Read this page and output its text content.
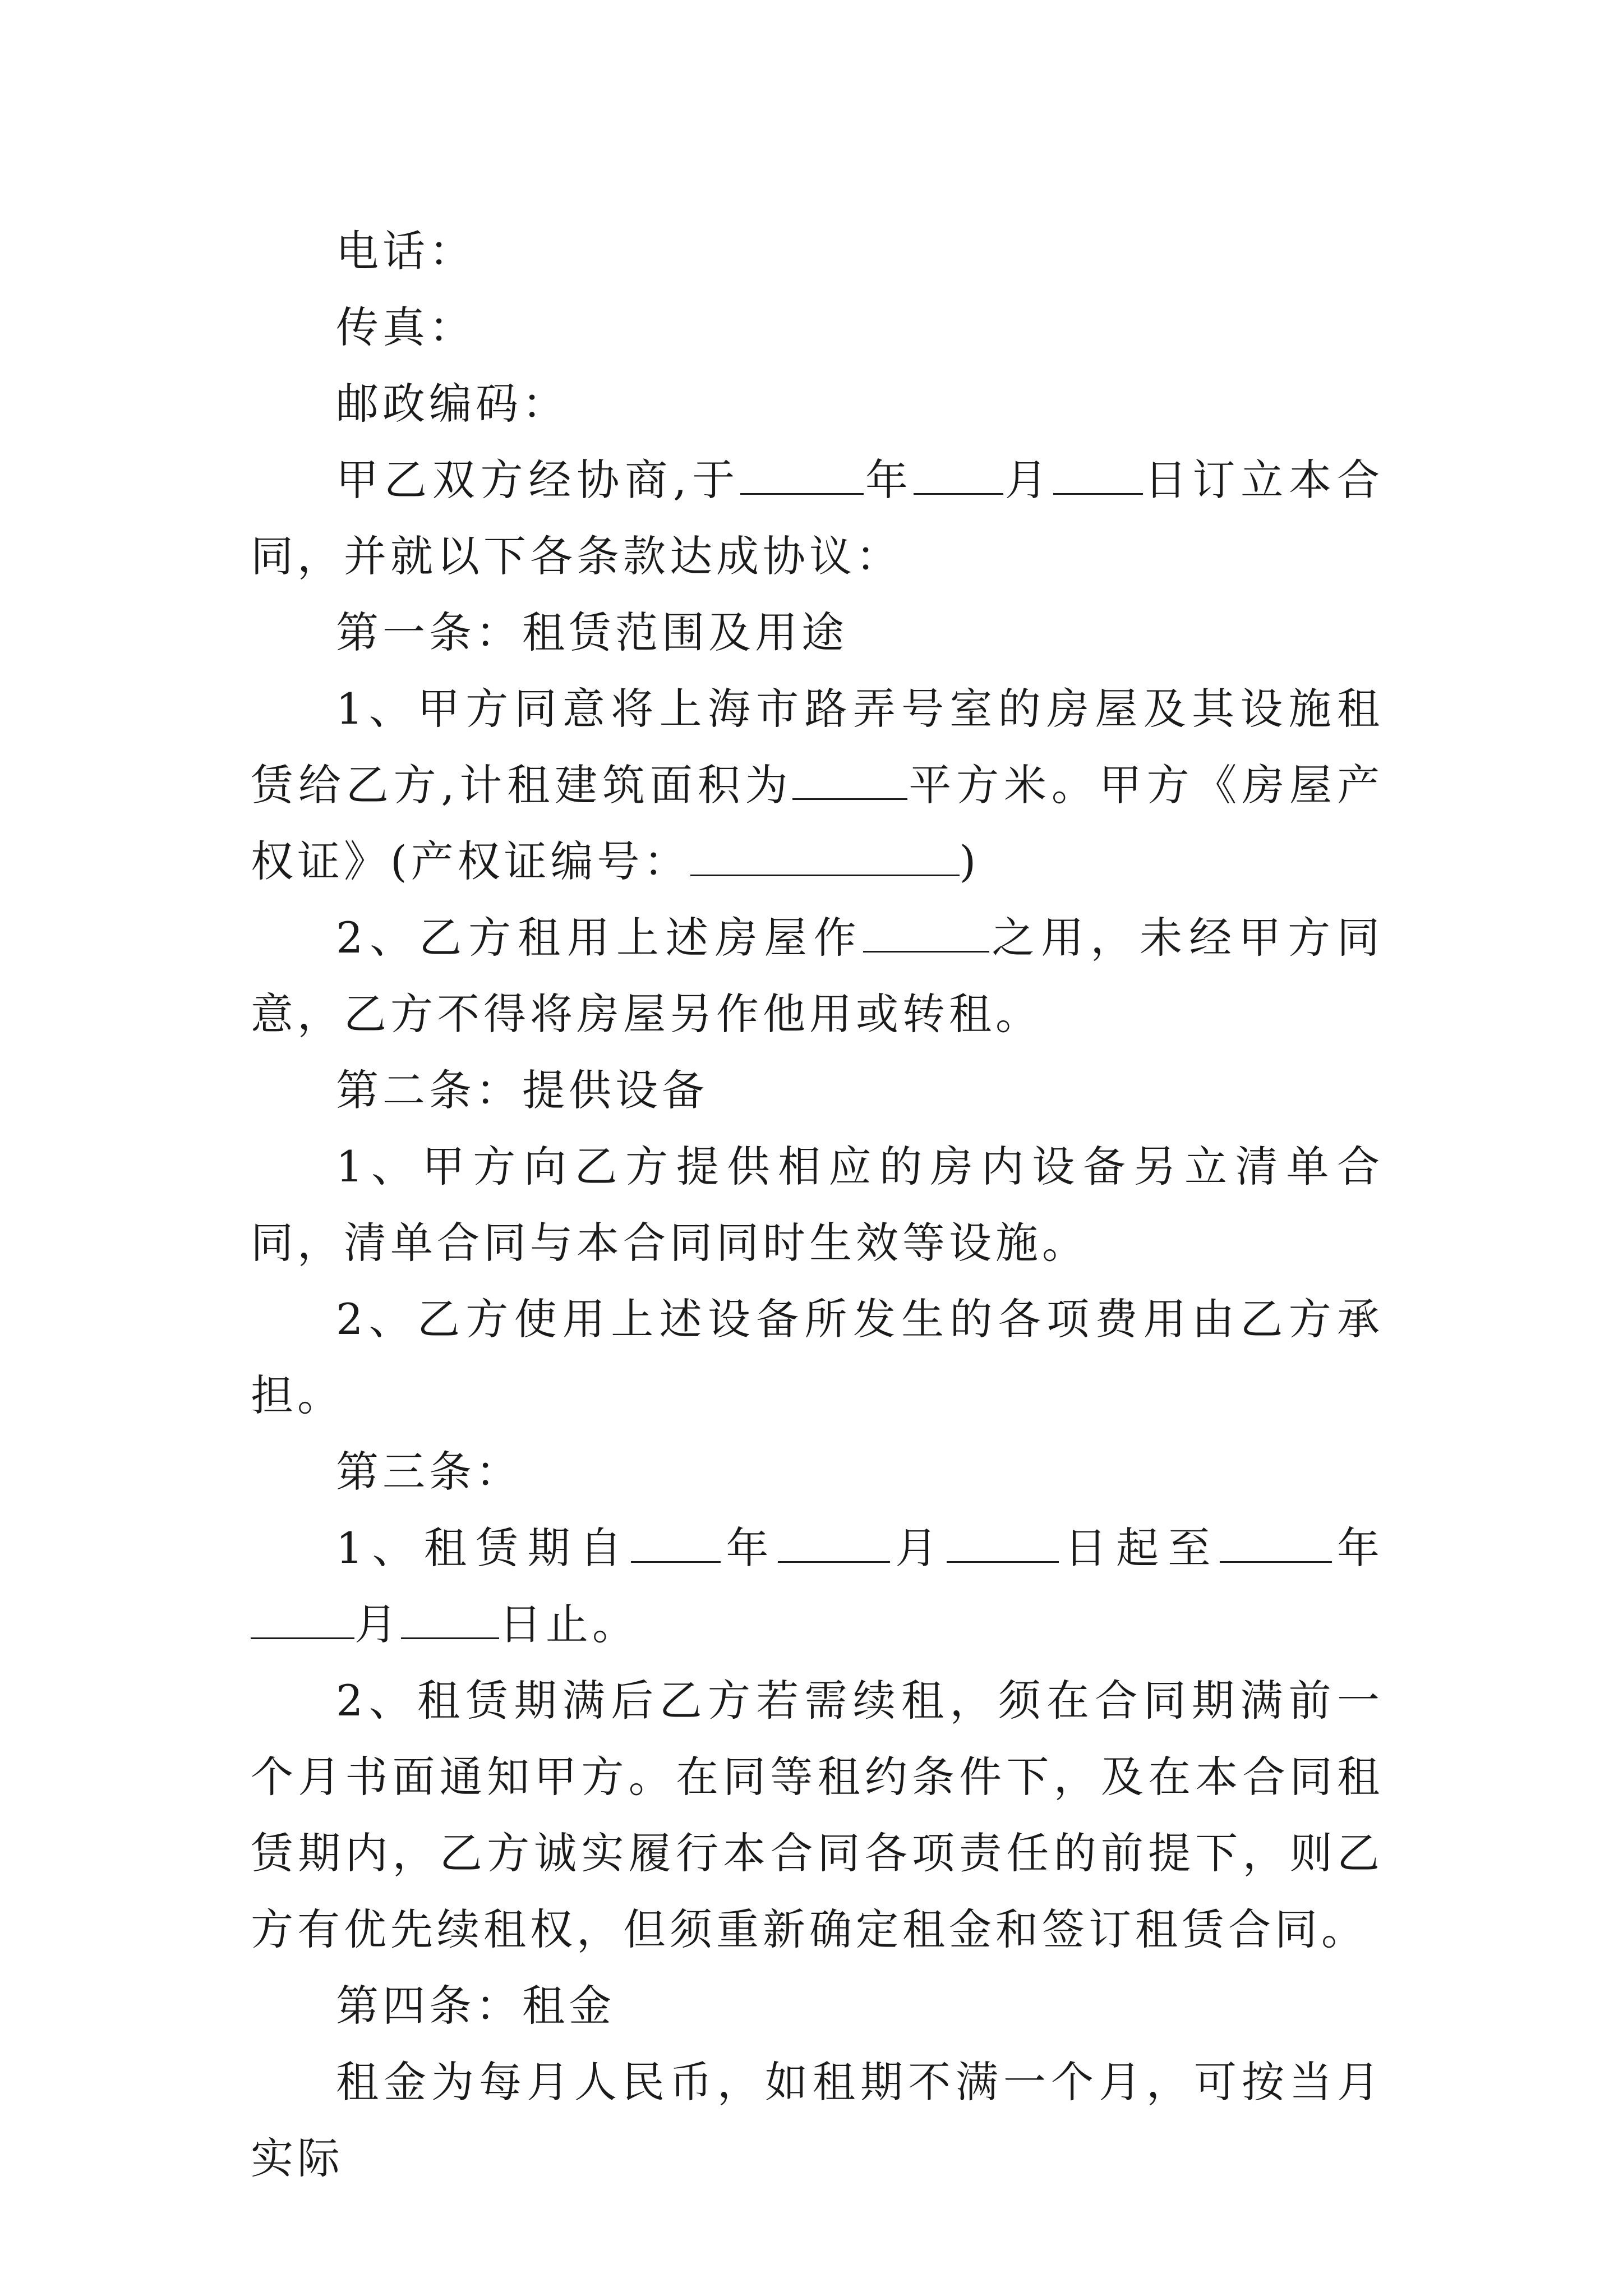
电话：

传真：

邮政编码：

甲乙双方经协商,于	年 月 日订立本合同，并就以下各条款达成协议：

第一条：租赁范围及用途

1、甲方同意将上海市路弄号室的房屋及其设施租赁给乙方,计租建筑面积为	平方米。甲方《房屋产权证》(产权证编号：	)

2、乙方租用上述房屋作	之用，未经甲方同意，乙方不得将房屋另作他用或转租。

第二条：提供设备

1、甲方向乙方提供相应的房内设备另立清单合同，清单合同与本合同同时生效等设施。

2、乙方使用上述设备所发生的各项费用由乙方承担。

第三条：

1、租赁期自 年	月	日起至	年月 日止。

2、租赁期满后乙方若需续租，须在合同期满前一个月书面通知甲方。在同等租约条件下，及在本合同租赁期内，乙方诚实履行本合同各项责任的前提下，则乙方有优先续租权，但须重新确定租金和签订租赁合同。

第四条：租金

租金为每月人民币，如租期不满一个月，可按当月实际
